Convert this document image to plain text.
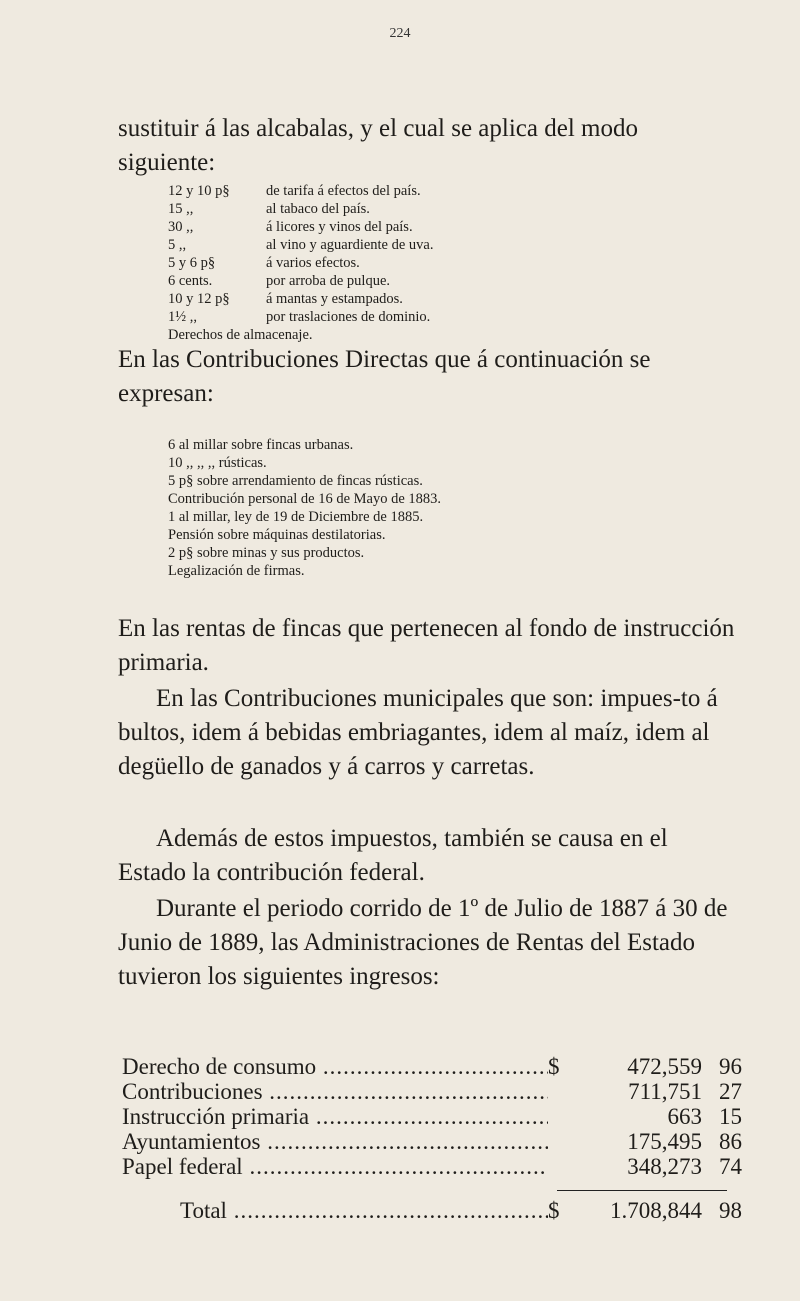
224

sustituir á las alcabalas, y el cual se aplica del modo siguiente:

12 y 10 p§	de tarifa á efectos del país.
15 ,,	al tabaco del país.
30 ,,	á licores y vinos del país.
5 ,,	al vino y aguardiente de uva.
5 y 6 p§	á varios efectos.
6 cents.	por arroba de pulque.
10 y 12 p§	á mantas y estampados.
1½ ,,	por traslaciones de dominio.
Derechos de almacenaje.

En las Contribuciones Directas que á continuación se expresan:

6 al millar sobre fincas urbanas.
10 ,, ,, ,, rústicas.
5 p§ sobre arrendamiento de fincas rústicas.
Contribución personal de 16 de Mayo de 1883.
1 al millar, ley de 19 de Diciembre de 1885.
Pensión sobre máquinas destilatorias.
2 p§ sobre minas y sus productos.
Legalización de firmas.

En las rentas de fincas que pertenecen al fondo de instrucción primaria.

En las Contribuciones municipales que son: impues-to á bultos, idem á bebidas embriagantes, idem al maíz, idem al degüello de ganados y á carros y carretas.

Además de estos impuestos, también se causa en el Estado la contribución federal.

Durante el periodo corrido de 1º de Julio de 1887 á 30 de Junio de 1889, las Administraciones de Rentas del Estado tuvieron los siguientes ingresos:

Derecho de consumo .....	$	472,559 96
Contribuciones .....	711,751 27
Instrucción primaria .....	663 15
Ayuntamientos .....	175,495 86
Papel federal .....	348,273 74
Total .....	$	1.708,844 98
